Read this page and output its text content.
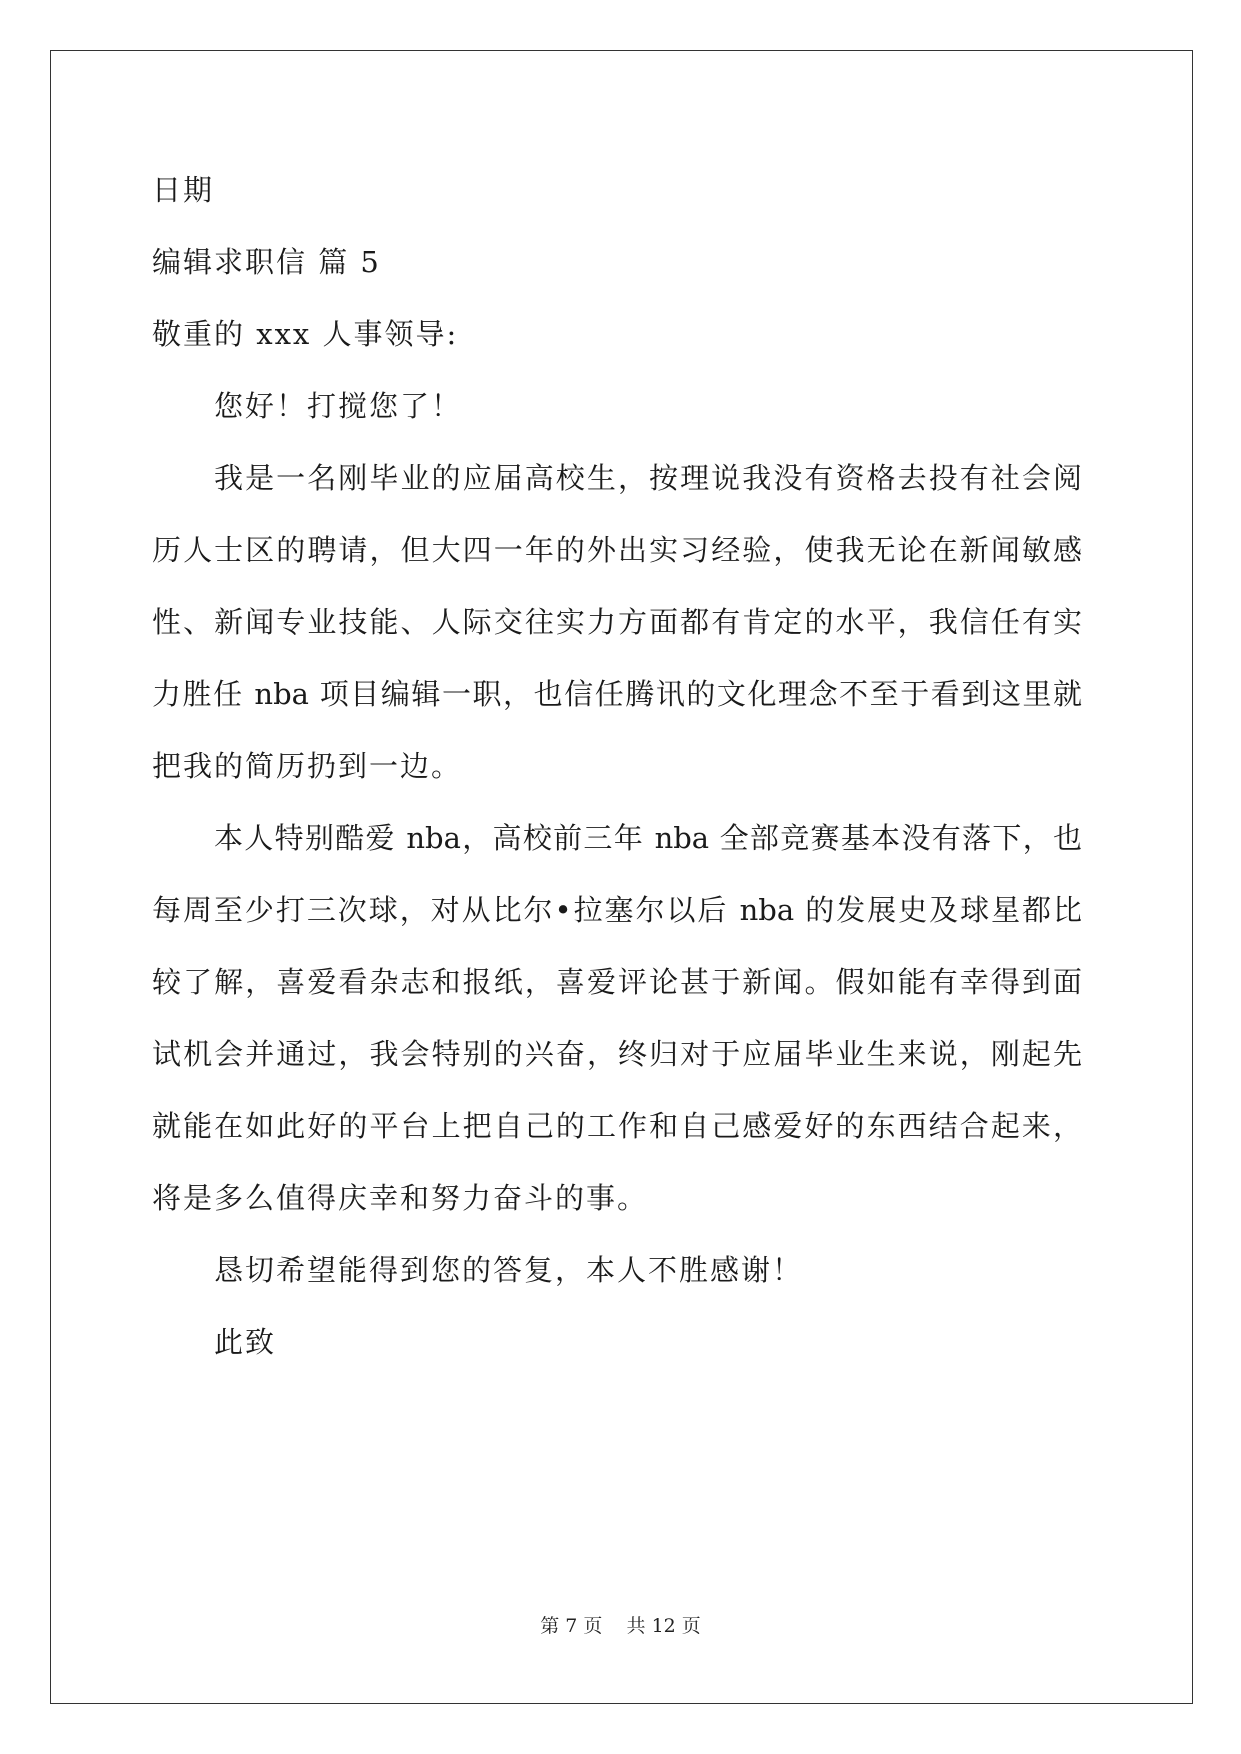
日期
编辑求职信 篇 5
敬重的 xxx 人事领导:
您好！打搅您了！
我是一名刚毕业的应届高校生，按理说我没有资格去投有社会阅
历人士区的聘请，但大四一年的外出实习经验，使我无论在新闻敏感
性、新闻专业技能、人际交往实力方面都有肯定的水平，我信任有实
力胜任 nba 项目编辑一职，也信任腾讯的文化理念不至于看到这里就
把我的简历扔到一边。
本人特别酷爱 nba，高校前三年 nba 全部竞赛基本没有落下，也
每周至少打三次球，对从比尔•拉塞尔以后 nba 的发展史及球星都比
较了解，喜爱看杂志和报纸，喜爱评论甚于新闻。假如能有幸得到面
试机会并通过，我会特别的兴奋，终归对于应届毕业生来说，刚起先
就能在如此好的平台上把自己的工作和自己感爱好的东西结合起来，
将是多么值得庆幸和努力奋斗的事。
恳切希望能得到您的答复，本人不胜感谢！
此致
第 7 页    共 12 页
